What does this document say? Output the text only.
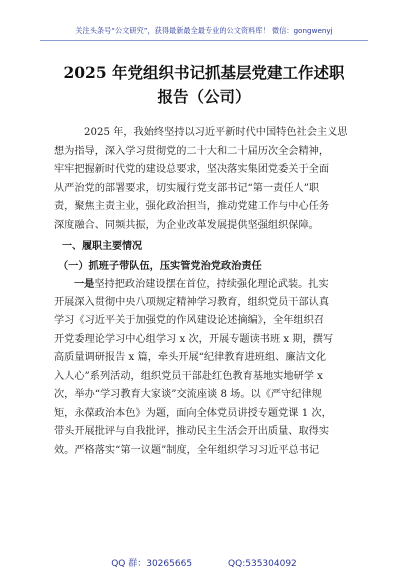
关注头条号“公文研究”，获得最新最全最专业的公文资料库！ 微信：gongwenyj
2025 年党组织书记抓基层党建工作述职
报告（公司）
2025 年，我始终坚持以习近平新时代中国特色社会主义思
想为指导，深入学习贯彻党的二十大和二十届历次全会精神，
牢牢把握新时代党的建设总要求，坚决落实集团党委关于全面
从严治党的部署要求，切实履行党支部书记“第一责任人”职
责，聚焦主责主业，强化政治担当，推动党建工作与中心任务
深度融合、同频共振，为企业改革发展提供坚强组织保障。
一、履职主要情况
（一）抓班子带队伍，压实管党治党政治责任
一是坚持把政治建设摆在首位，持续强化理论武装。扎实
开展深入贯彻中央八项规定精神学习教育，组织党员干部认真
学习《习近平关于加强党的作风建设论述摘编》，全年组织召
开党委理论学习中心组学习 x 次，开展专题读书班 x 期，撰写
高质量调研报告 x 篇，牵头开展“纪律教育进班组、廉洁文化
入人心”系列活动，组织党员干部赴红色教育基地实地研学 x
次，举办“学习教育大家谈”交流座谈 8 场。以《严守纪律规
矩，永葆政治本色》为题，面向全体党员讲授专题党课 1 次，
带头开展批评与自我批评，推动民主生活会开出质量、取得实
效。严格落实“第一议题”制度，全年组织学习习近平总书记
QQ 群：30265665	QQ:535304092
